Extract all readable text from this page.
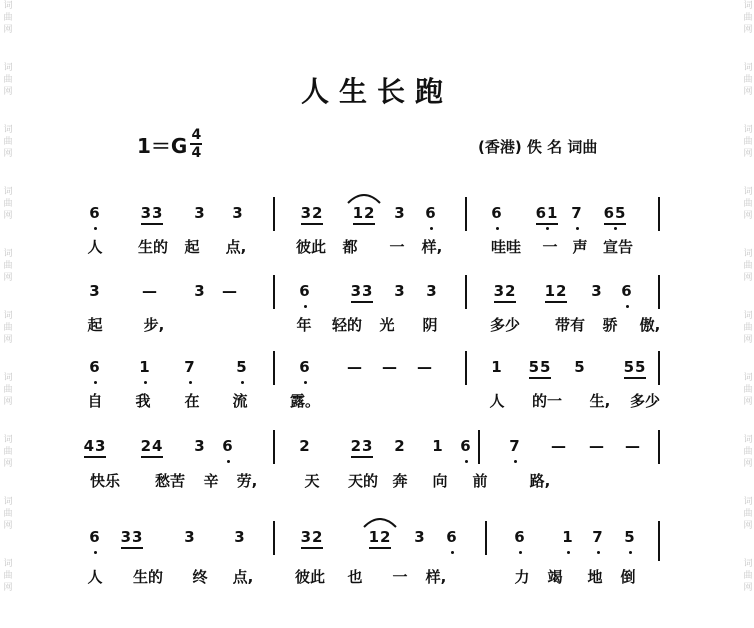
人生长跑
$1=G \frac{4}{4}$	(香港) 佚 名 词曲
词
曲
网
词
曲
网
词
曲
网
词
曲
网
词
曲
网
词
曲
网
词
曲
网
词
曲
网
词
曲
网
词
曲
网
词
曲
网
词
曲
网
词
曲
网
词
曲
网
词
曲
网
词
曲
网
词
曲
网
词
曲
网
词
曲
网
词
曲
网
6	33	3	3	32 12	3	6	6	61 7	65
人	生的	起	点,	彼此	都	一	样,	哇哇	一 声	宣告
3	—	3	—	6	33	3	3	32 12	3	6
起	步,	年	轻的	光	阴	多少	带有	骄	傲,
6	1	7	5	6	—	—	—	1	55	5	55
自	我	在	流	露。	人	的一	生,	多少
43 24	3	6	2	23	2	1	6	7	—	—	—
快乐	愁苦	辛	劳,	天	天的 奔	向	前	路,
6	33	3	3	32	12	3	6	6	1	7	5
人	生的	终	点,	彼此	也	一	样,	力	竭	地	倒
